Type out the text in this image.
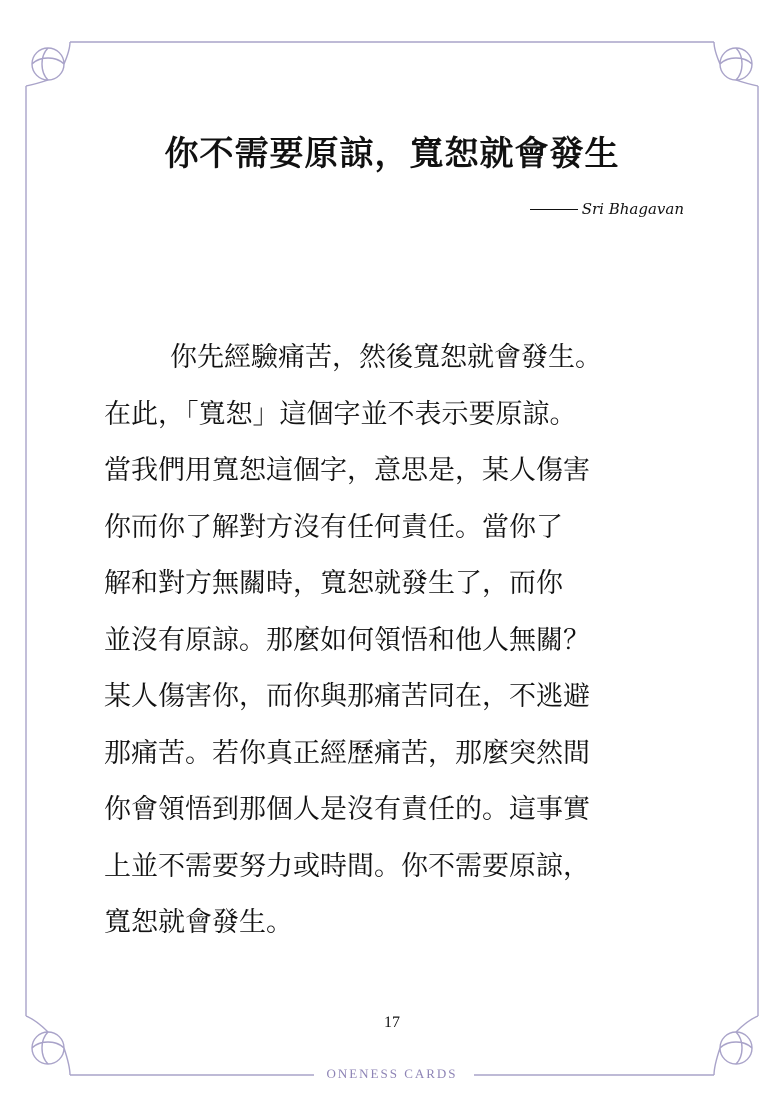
你不需要原諒，寬恕就會發生
Sri Bhagavan
你先經驗痛苦，然後寬恕就會發生。
在此，「寬恕」這個字並不表示要原諒。
當我們用寬恕這個字，意思是，某人傷害
你而你了解對方沒有任何責任。當你了
解和對方無關時，寬恕就發生了，而你
並沒有原諒。那麼如何領悟和他人無關？
某人傷害你，而你與那痛苦同在，不逃避
那痛苦。若你真正經歷痛苦，那麼突然間
你會領悟到那個人是沒有責任的。這事實
上並不需要努力或時間。你不需要原諒，
寬恕就會發生。
17
ONENESS CARDS
